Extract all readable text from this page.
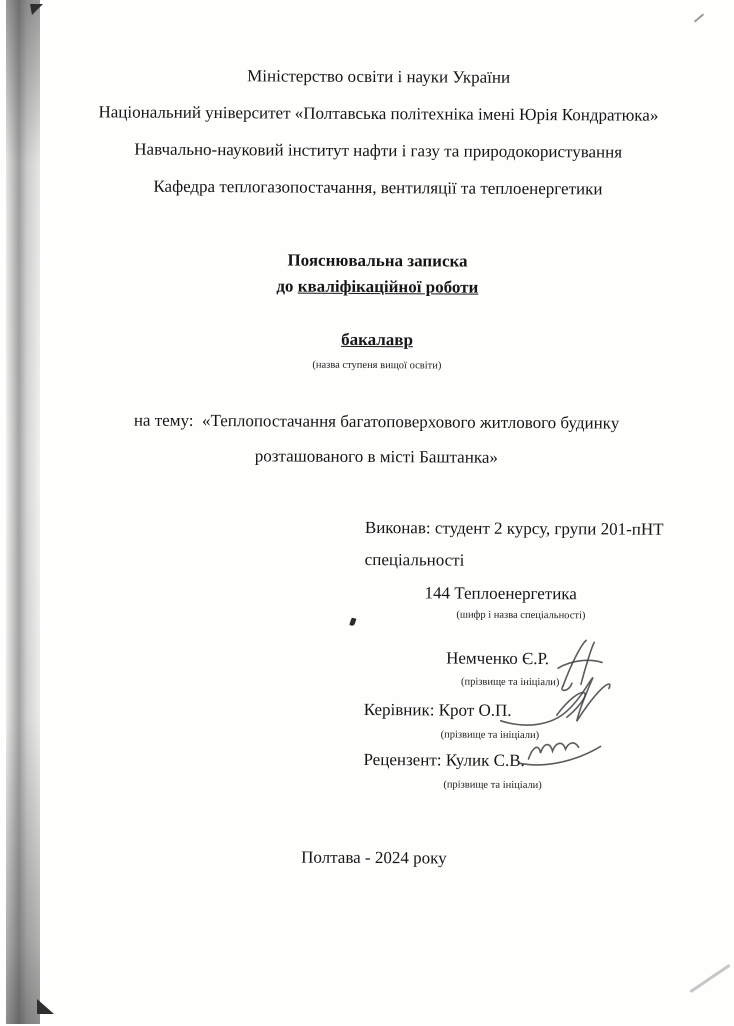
Міністерство освіти і науки України
Національний університет «Полтавська політехніка імені Юрія Кондратюка»
Навчально-науковий інститут нафти і газу та природокористування
Кафедра теплогазопостачання, вентиляції та теплоенергетики
Пояснювальна записка
до кваліфікаційної роботи
бакалавр
(назва ступеня вищої освіти)
на тему:  «Теплопостачання багатоповерхового житлового будинку
розташованого в місті Баштанка»
Виконав: студент 2 курсу, групи 201-пНТ
спеціальності
144 Теплоенергетика
(шифр і назва спеціальності)
Немченко Є.Р.
(прізвище та ініціали)
Керівник: Крот О.П.
(прізвище та ініціали)
Рецензент: Кулик С.В.
(прізвище та ініціали)
Полтава - 2024 року
